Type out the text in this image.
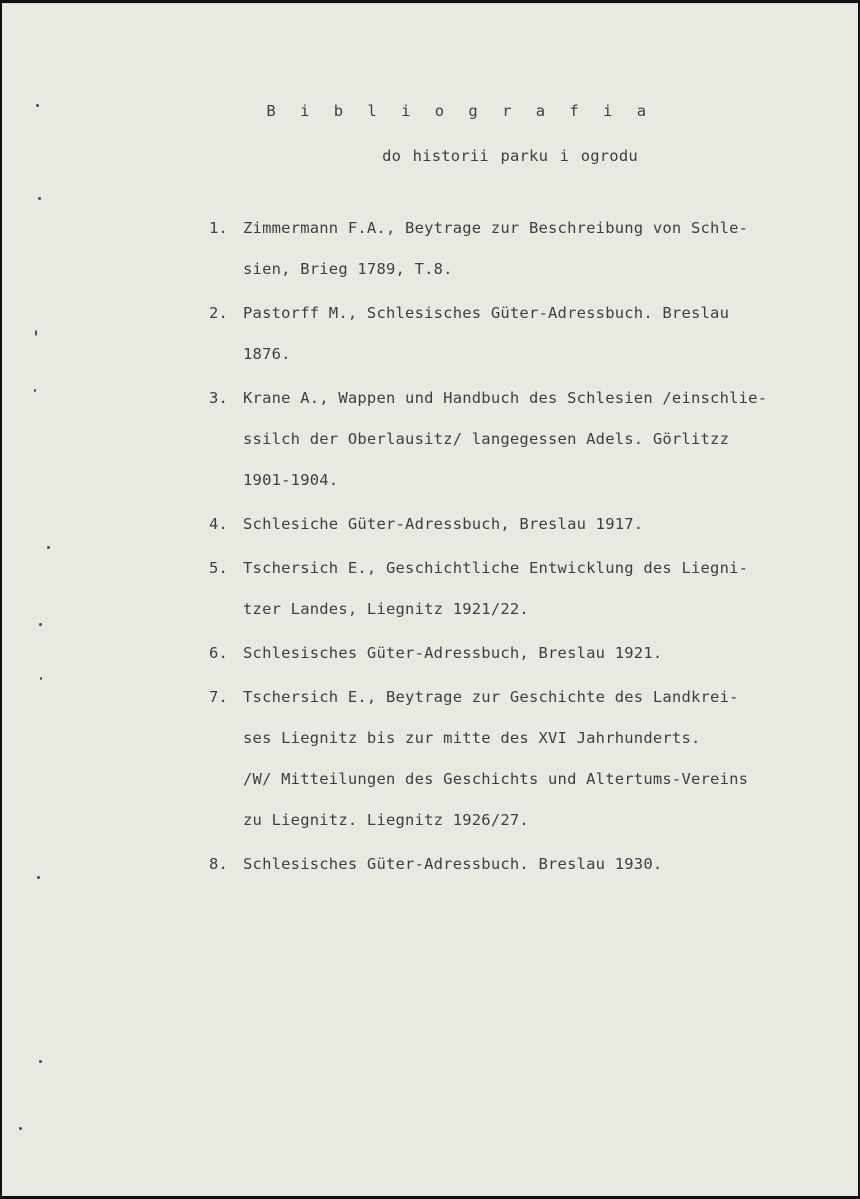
B i b l i o g r a f i a
do historii parku i ogrodu
1. Zimmermann F.A., Beytrage zur Beschreibung von Schle-
sien, Brieg 1789, T.8.
2. Pastorff M., Schlesisches Güter-Adressbuch. Breslau
1876.
3. Krane A., Wappen und Handbuch des Schlesien /einschlie-
ssilch der Oberlausitz/ langegessen Adels. Görlitzz
1901-1904.
4. Schlesiche Güter-Adressbuch, Breslau 1917.
5. Tschersich E., Geschichtliche Entwicklung des Liegni-
tzer Landes, Liegnitz 1921/22.
6. Schlesisches Güter-Adressbuch, Breslau 1921.
7. Tschersich E., Beytrage zur Geschichte des Landkrei-
ses Liegnitz bis zur mitte des XVI Jahrhunderts.
/W/ Mitteilungen des Geschichts und Altertums-Vereins
zu Liegnitz. Liegnitz 1926/27.
8. Schlesisches Güter-Adressbuch. Breslau 1930.
